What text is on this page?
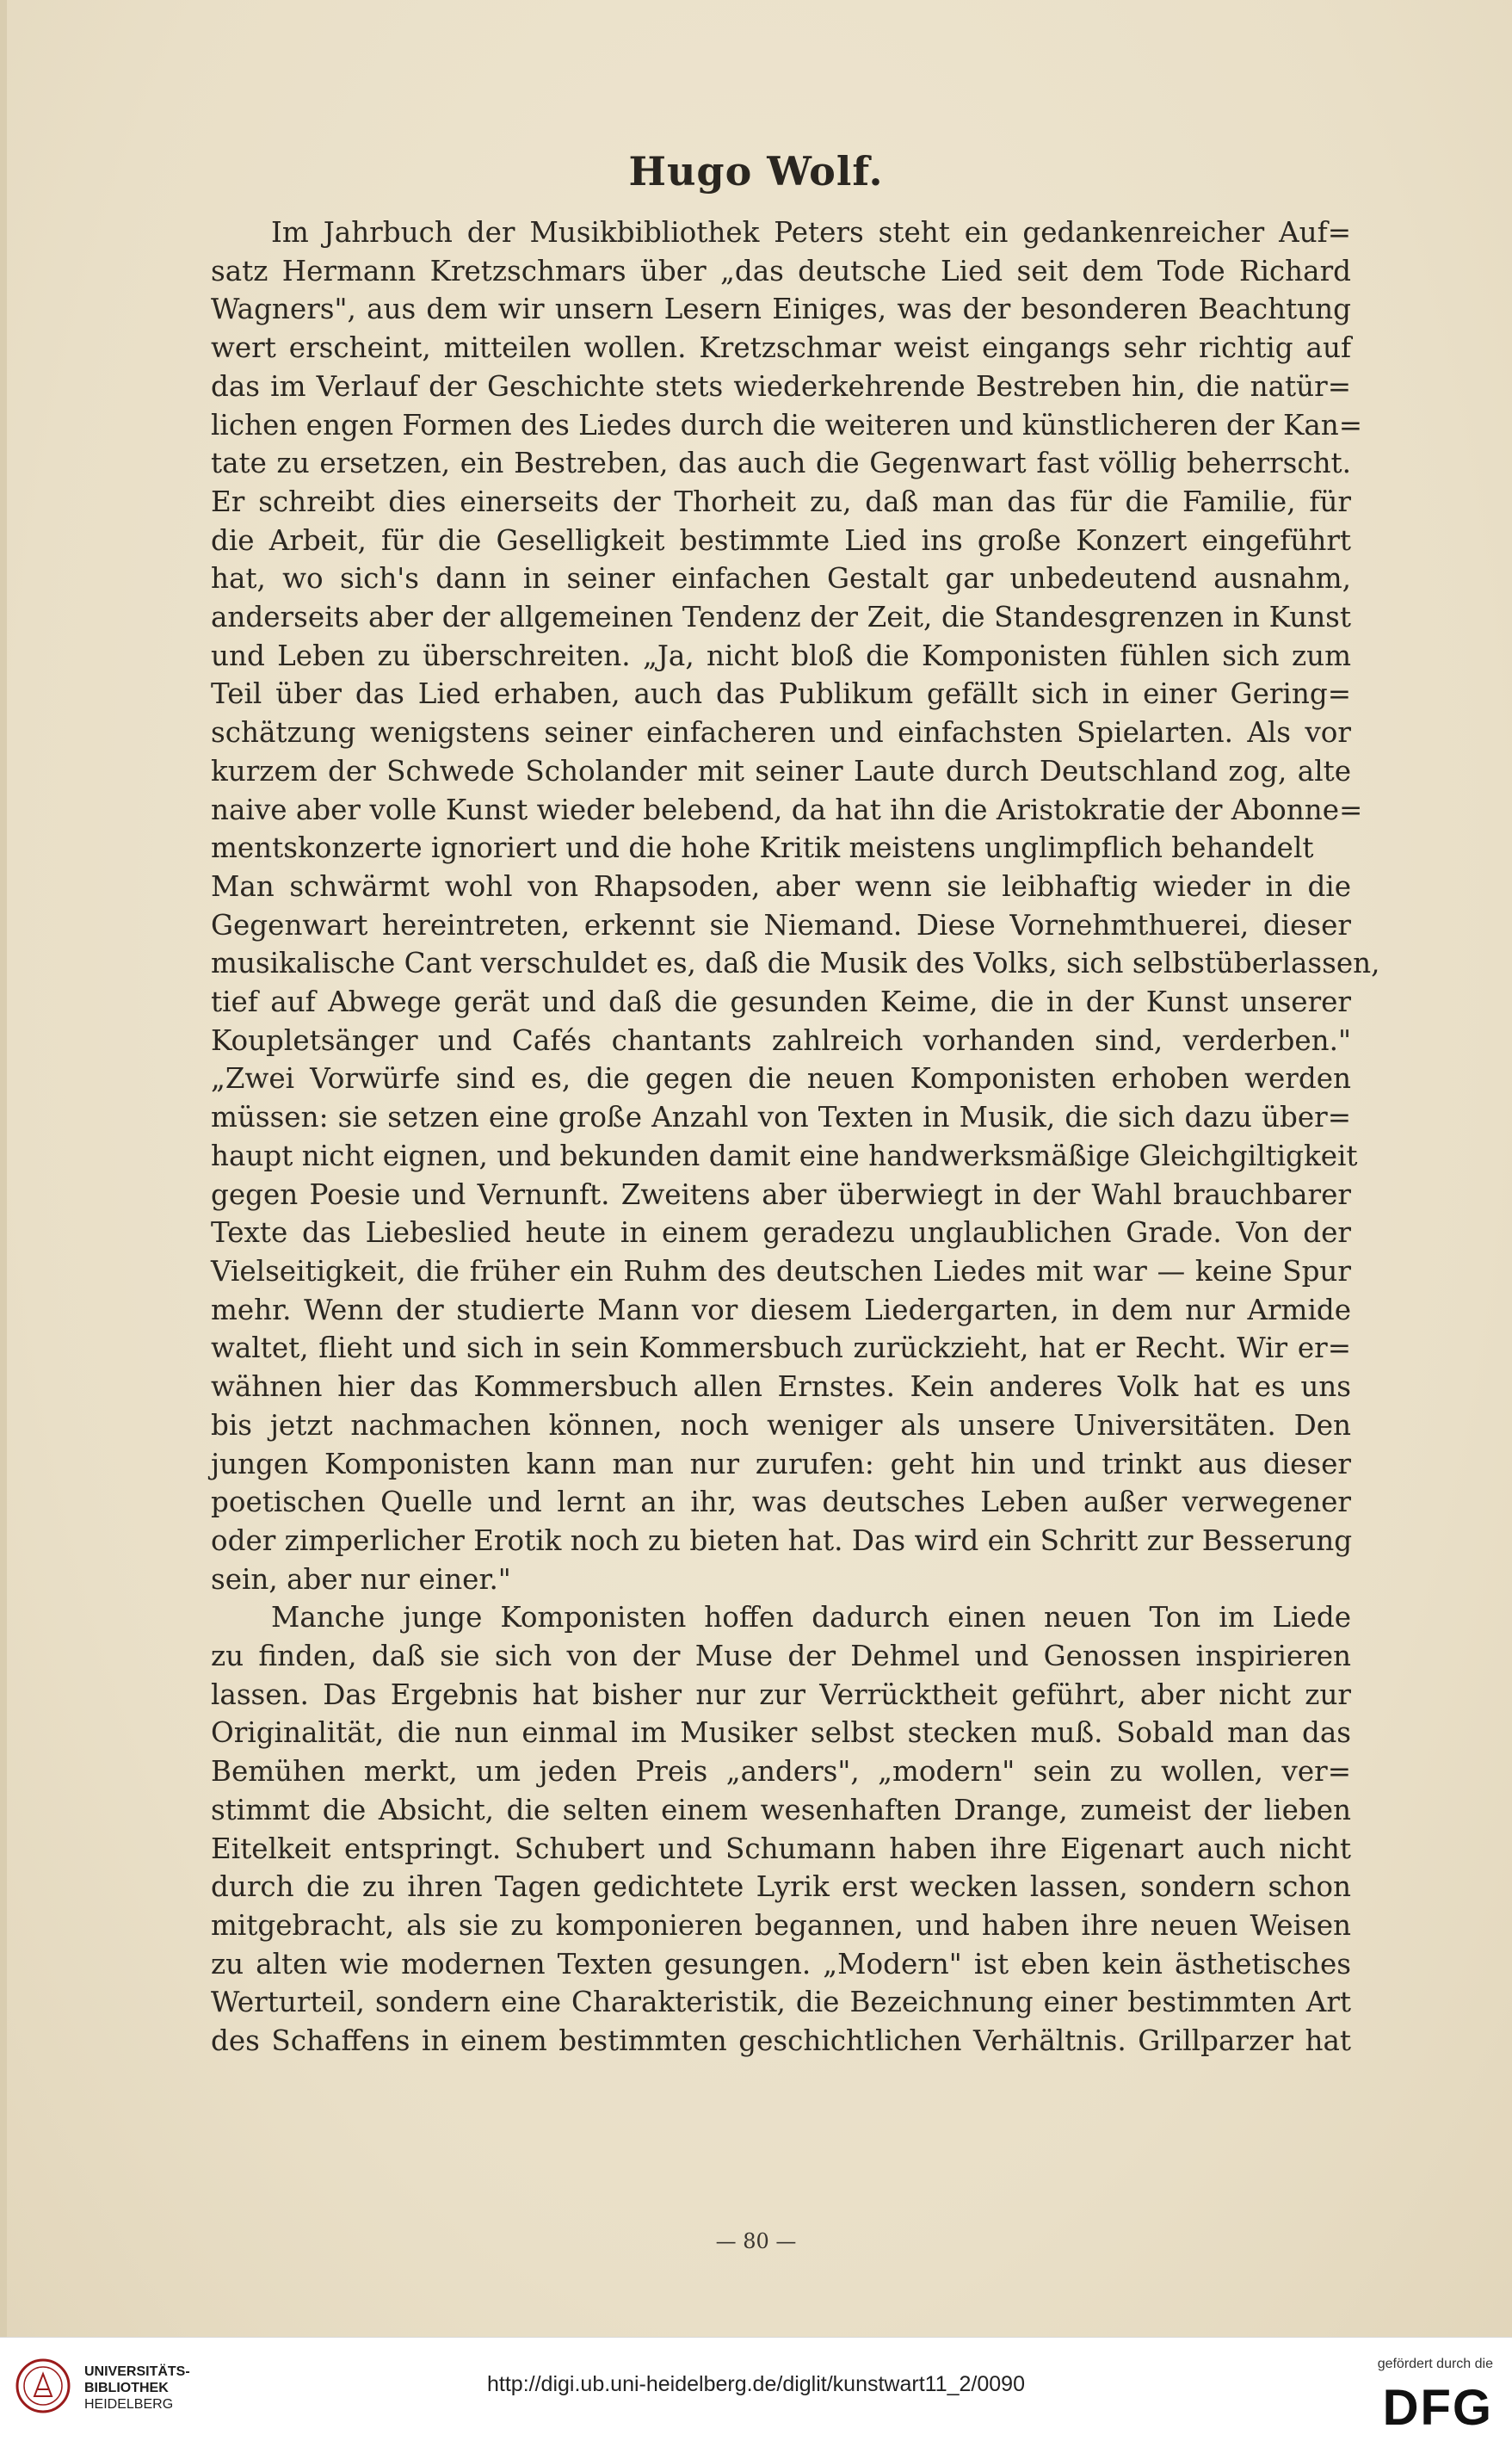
Hugo Wolf.

Im Jahrbuch der Musikbibliothek Peters steht ein gedankenreicher Auf=
satz Hermann Kretzschmars über „das deutsche Lied seit dem Tode Richard
Wagners", aus dem wir unsern Lesern Einiges, was der besonderen Beachtung
wert erscheint, mitteilen wollen. Kretzschmar weist eingangs sehr richtig auf
das im Verlauf der Geschichte stets wiederkehrende Bestreben hin, die natür=
lichen engen Formen des Liedes durch die weiteren und künstlicheren der Kan=
tate zu ersetzen, ein Bestreben, das auch die Gegenwart fast völlig beherrscht.
Er schreibt dies einerseits der Thorheit zu, daß man das für die Familie, für
die Arbeit, für die Geselligkeit bestimmte Lied ins große Konzert eingeführt
hat, wo sich's dann in seiner einfachen Gestalt gar unbedeutend ausnahm,
anderseits aber der allgemeinen Tendenz der Zeit, die Standesgrenzen in Kunst
und Leben zu überschreiten. „Ja, nicht bloß die Komponisten fühlen sich zum
Teil über das Lied erhaben, auch das Publikum gefällt sich in einer Gering=
schätzung wenigstens seiner einfacheren und einfachsten Spielarten. Als vor
kurzem der Schwede Scholander mit seiner Laute durch Deutschland zog, alte
naive aber volle Kunst wieder belebend, da hat ihn die Aristokratie der Abonne=
mentskonzerte ignoriert und die hohe Kritik meistens unglimpflich behandelt
Man schwärmt wohl von Rhapsoden, aber wenn sie leibhaftig wieder in die
Gegenwart hereintreten, erkennt sie Niemand. Diese Vornehmthuerei, dieser
musikalische Cant verschuldet es, daß die Musik des Volks, sich selbstüberlassen,
tief auf Abwege gerät und daß die gesunden Keime, die in der Kunst unserer
Koupletsänger und Cafés chantants zahlreich vorhanden sind, verderben."
„Zwei Vorwürfe sind es, die gegen die neuen Komponisten erhoben werden
müssen: sie setzen eine große Anzahl von Texten in Musik, die sich dazu über=
haupt nicht eignen, und bekunden damit eine handwerksmäßige Gleichgiltigkeit
gegen Poesie und Vernunft. Zweitens aber überwiegt in der Wahl brauchbarer
Texte das Liebeslied heute in einem geradezu unglaublichen Grade. Von der
Vielseitigkeit, die früher ein Ruhm des deutschen Liedes mit war — keine Spur
mehr. Wenn der studierte Mann vor diesem Liedergarten, in dem nur Armide
waltet, flieht und sich in sein Kommersbuch zurückzieht, hat er Recht. Wir er=
wähnen hier das Kommersbuch allen Ernstes. Kein anderes Volk hat es uns
bis jetzt nachmachen können, noch weniger als unsere Universitäten. Den
jungen Komponisten kann man nur zurufen: geht hin und trinkt aus dieser
poetischen Quelle und lernt an ihr, was deutsches Leben außer verwegener
oder zimperlicher Erotik noch zu bieten hat. Das wird ein Schritt zur Besserung
sein, aber nur einer."

Manche junge Komponisten hoffen dadurch einen neuen Ton im Liede
zu finden, daß sie sich von der Muse der Dehmel und Genossen inspirieren
lassen. Das Ergebnis hat bisher nur zur Verrücktheit geführt, aber nicht zur
Originalität, die nun einmal im Musiker selbst stecken muß. Sobald man das
Bemühen merkt, um jeden Preis „anders", „modern" sein zu wollen, ver=
stimmt die Absicht, die selten einem wesenhaften Drange, zumeist der lieben
Eitelkeit entspringt. Schubert und Schumann haben ihre Eigenart auch nicht
durch die zu ihren Tagen gedichtete Lyrik erst wecken lassen, sondern schon
mitgebracht, als sie zu komponieren begannen, und haben ihre neuen Weisen
zu alten wie modernen Texten gesungen. „Modern" ist eben kein ästhetisches
Werturteil, sondern eine Charakteristik, die Bezeichnung einer bestimmten Art
des Schaffens in einem bestimmten geschichtlichen Verhältnis. Grillparzer hat

— 80 —
UNIVERSITÄTS-
BIBLIOTHEK
HEIDELBERG
http://digi.ub.uni-heidelberg.de/diglit/kunstwart11_2/0090
gefördert durch die
DFG
